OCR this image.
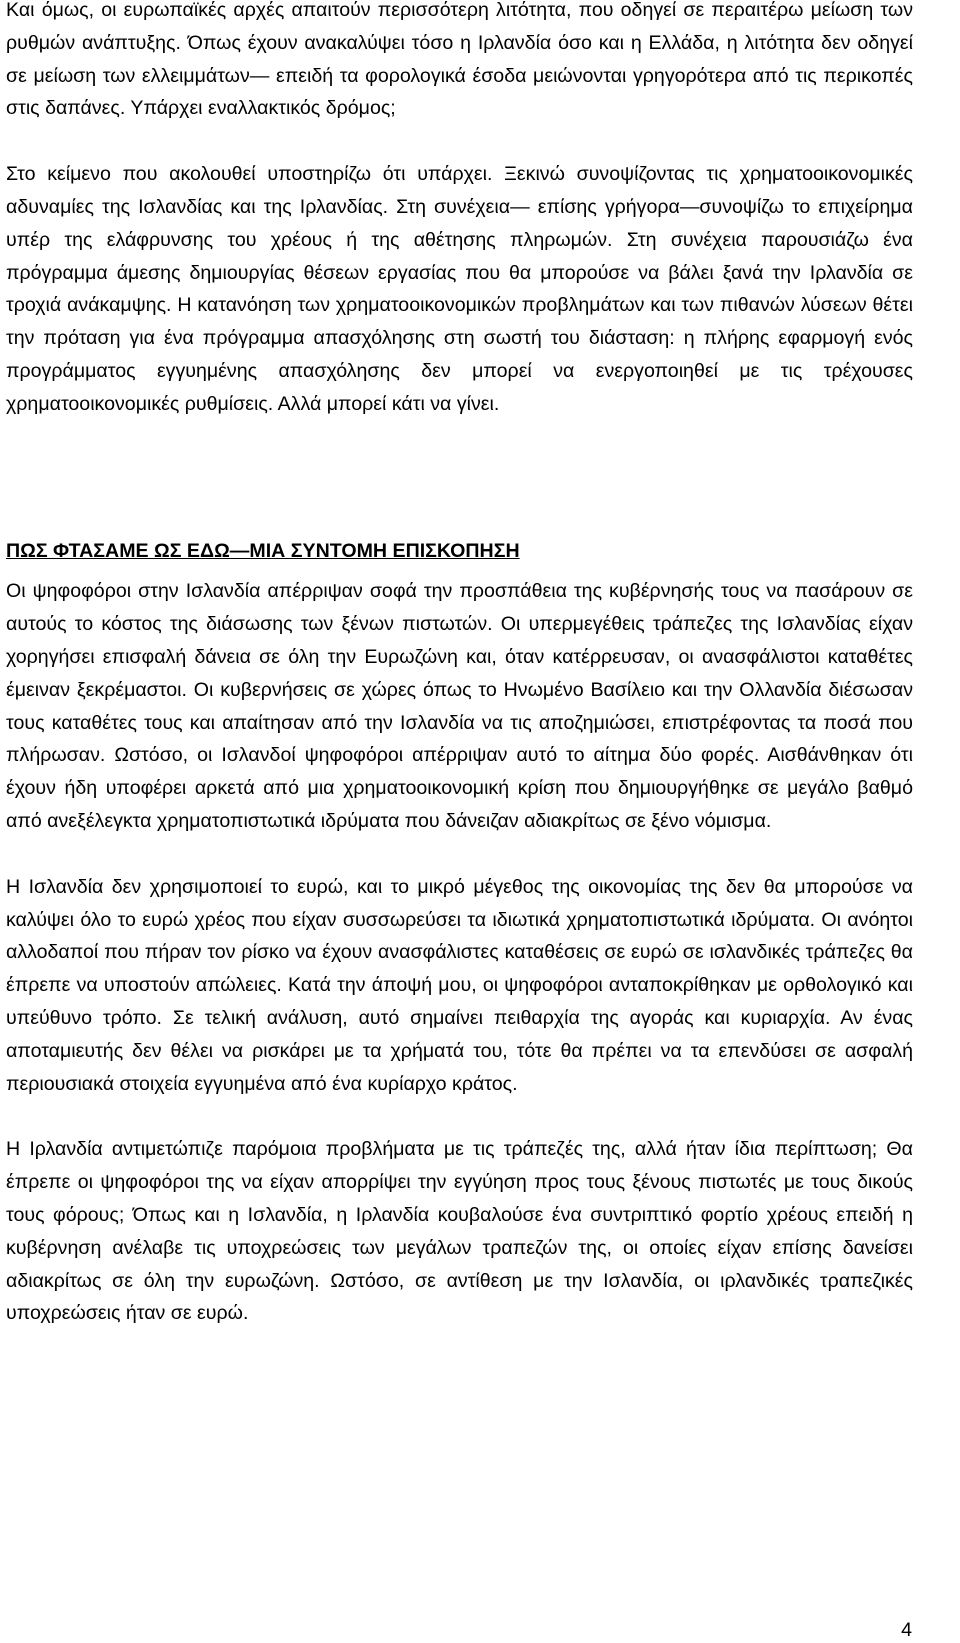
Και όμως, οι ευρωπαϊκές αρχές απαιτούν περισσότερη λιτότητα, που οδηγεί σε περαιτέρω μείωση των ρυθμών ανάπτυξης. Όπως έχουν ανακαλύψει τόσο η Ιρλανδία όσο και η Ελλάδα, η λιτότητα δεν οδηγεί σε μείωση των ελλειμμάτων— επειδή τα φορολογικά έσοδα μειώνονται γρηγορότερα από τις περικοπές στις δαπάνες. Υπάρχει εναλλακτικός δρόμος;

Στο κείμενο που ακολουθεί υποστηρίζω ότι υπάρχει. Ξεκινώ συνοψίζοντας τις χρηματοοικονομικές αδυναμίες της Ισλανδίας και της Ιρλανδίας. Στη συνέχεια— επίσης γρήγορα—συνοψίζω το επιχείρημα υπέρ της ελάφρυνσης του χρέους ή της αθέτησης πληρωμών. Στη συνέχεια παρουσιάζω ένα πρόγραμμα άμεσης δημιουργίας θέσεων εργασίας που θα μπορούσε να βάλει ξανά την Ιρλανδία σε τροχιά ανάκαμψης. Η κατανόηση των χρηματοοικονομικών προβλημάτων και των πιθανών λύσεων θέτει την πρόταση για ένα πρόγραμμα απασχόλησης στη σωστή του διάσταση: η πλήρης εφαρμογή ενός προγράμματος εγγυημένης απασχόλησης δεν μπορεί να ενεργοποιηθεί με τις τρέχουσες χρηματοοικονομικές ρυθμίσεις. Αλλά μπορεί κάτι να γίνει.

ΠΩΣ ΦΤΑΣΑΜΕ ΩΣ ΕΔΩ—ΜΙΑ ΣΥΝΤΟΜΗ ΕΠΙΣΚΟΠΗΣΗ

Οι ψηφοφόροι στην Ισλανδία απέρριψαν σοφά την προσπάθεια της κυβέρνησής τους να πασάρουν σε αυτούς το κόστος της διάσωσης των ξένων πιστωτών. Οι υπερμεγέθεις τράπεζες της Ισλανδίας είχαν χορηγήσει επισφαλή δάνεια σε όλη την Ευρωζώνη και, όταν κατέρρευσαν, οι ανασφάλιστοι καταθέτες έμειναν ξεκρέμαστοι. Οι κυβερνήσεις σε χώρες όπως το Ηνωμένο Βασίλειο και την Ολλανδία διέσωσαν τους καταθέτες τους και απαίτησαν από την Ισλανδία να τις αποζημιώσει, επιστρέφοντας τα ποσά που πλήρωσαν. Ωστόσο, οι Ισλανδοί ψηφοφόροι απέρριψαν αυτό το αίτημα δύο φορές. Αισθάνθηκαν ότι έχουν ήδη υποφέρει αρκετά από μια χρηματοοικονομική κρίση που δημιουργήθηκε σε μεγάλο βαθμό από ανεξέλεγκτα χρηματοπιστωτικά ιδρύματα που δάνειζαν αδιακρίτως σε ξένο νόμισμα.

Η Ισλανδία δεν χρησιμοποιεί το ευρώ, και το μικρό μέγεθος της οικονομίας της δεν θα μπορούσε να καλύψει όλο το ευρώ χρέος που είχαν συσσωρεύσει τα ιδιωτικά χρηματοπιστωτικά ιδρύματα. Οι ανόητοι αλλοδαποί που πήραν τον ρίσκο να έχουν ανασφάλιστες καταθέσεις σε ευρώ σε ισλανδικές τράπεζες θα έπρεπε να υποστούν απώλειες. Κατά την άποψή μου, οι ψηφοφόροι ανταποκρίθηκαν με ορθολογικό και υπεύθυνο τρόπο. Σε τελική ανάλυση, αυτό σημαίνει πειθαρχία της αγοράς και κυριαρχία. Αν ένας αποταμιευτής δεν θέλει να ρισκάρει με τα χρήματά του, τότε θα πρέπει να τα επενδύσει σε ασφαλή περιουσιακά στοιχεία εγγυημένα από ένα κυρίαρχο κράτος.

Η Ιρλανδία αντιμετώπιζε παρόμοια προβλήματα με τις τράπεζές της, αλλά ήταν ίδια περίπτωση; Θα έπρεπε οι ψηφοφόροι της να είχαν απορρίψει την εγγύηση προς τους ξένους πιστωτές με τους δικούς τους φόρους; Όπως και η Ισλανδία, η Ιρλανδία κουβαλούσε ένα συντριπτικό φορτίο χρέους επειδή η κυβέρνηση ανέλαβε τις υποχρεώσεις των μεγάλων τραπεζών της, οι οποίες είχαν επίσης δανείσει αδιακρίτως σε όλη την ευρωζώνη. Ωστόσο, σε αντίθεση με την Ισλανδία, οι ιρλανδικές τραπεζικές υποχρεώσεις ήταν σε ευρώ.

4
